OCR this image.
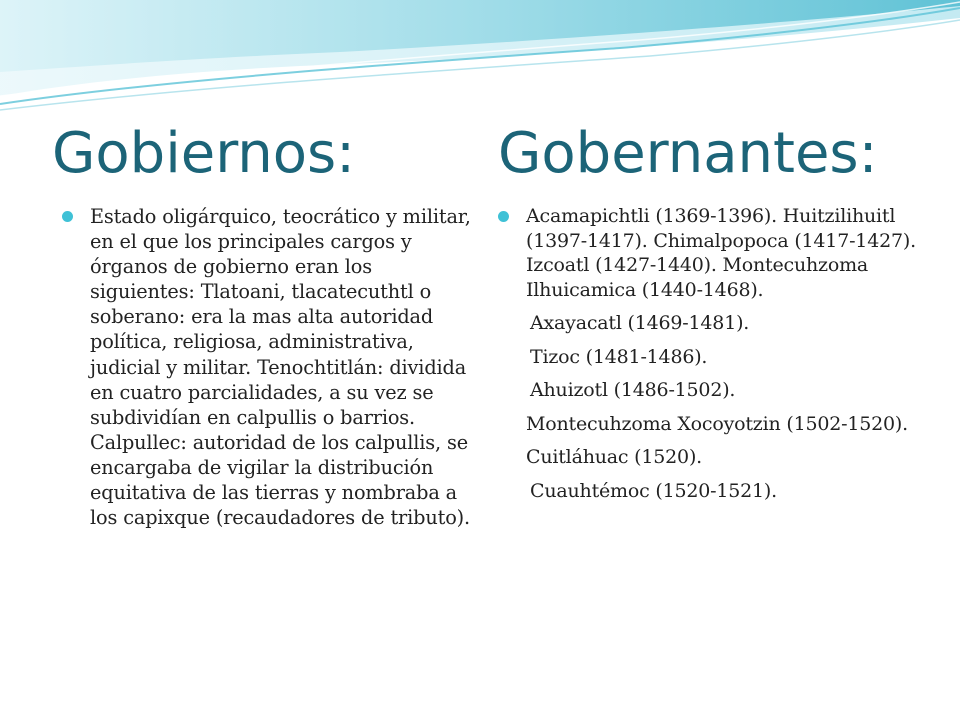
Gobiernos:	Gobernantes:

Estado oligárquico, teocrático y militar, en el que los principales cargos y órganos de gobierno eran los siguientes: Tlatoani, tlacatecuthtl o soberano: era la mas alta autoridad política, religiosa, administrativa, judicial y militar. Tenochtitlán: dividida en cuatro parcialidades, a su vez se subdividían en calpullis o barrios. Calpullec: autoridad de los calpullis, se encargaba de vigilar la distribución equitativa de las tierras y nombraba a los capixque (recaudadores de tributo).

Acamapichtli (1369-1396). Huitzilihuitl (1397-1417). Chimalpopoca (1417-1427). Izcoatl (1427-1440). Montecuhzoma Ilhuicamica (1440-1468).

Axayacatl (1469-1481).
Tizoc (1481-1486).
Ahuizotl (1486-1502).
Montecuhzoma Xocoyotzin (1502-1520).
Cuitláhuac (1520).
Cuauhtémoc (1520-1521).
